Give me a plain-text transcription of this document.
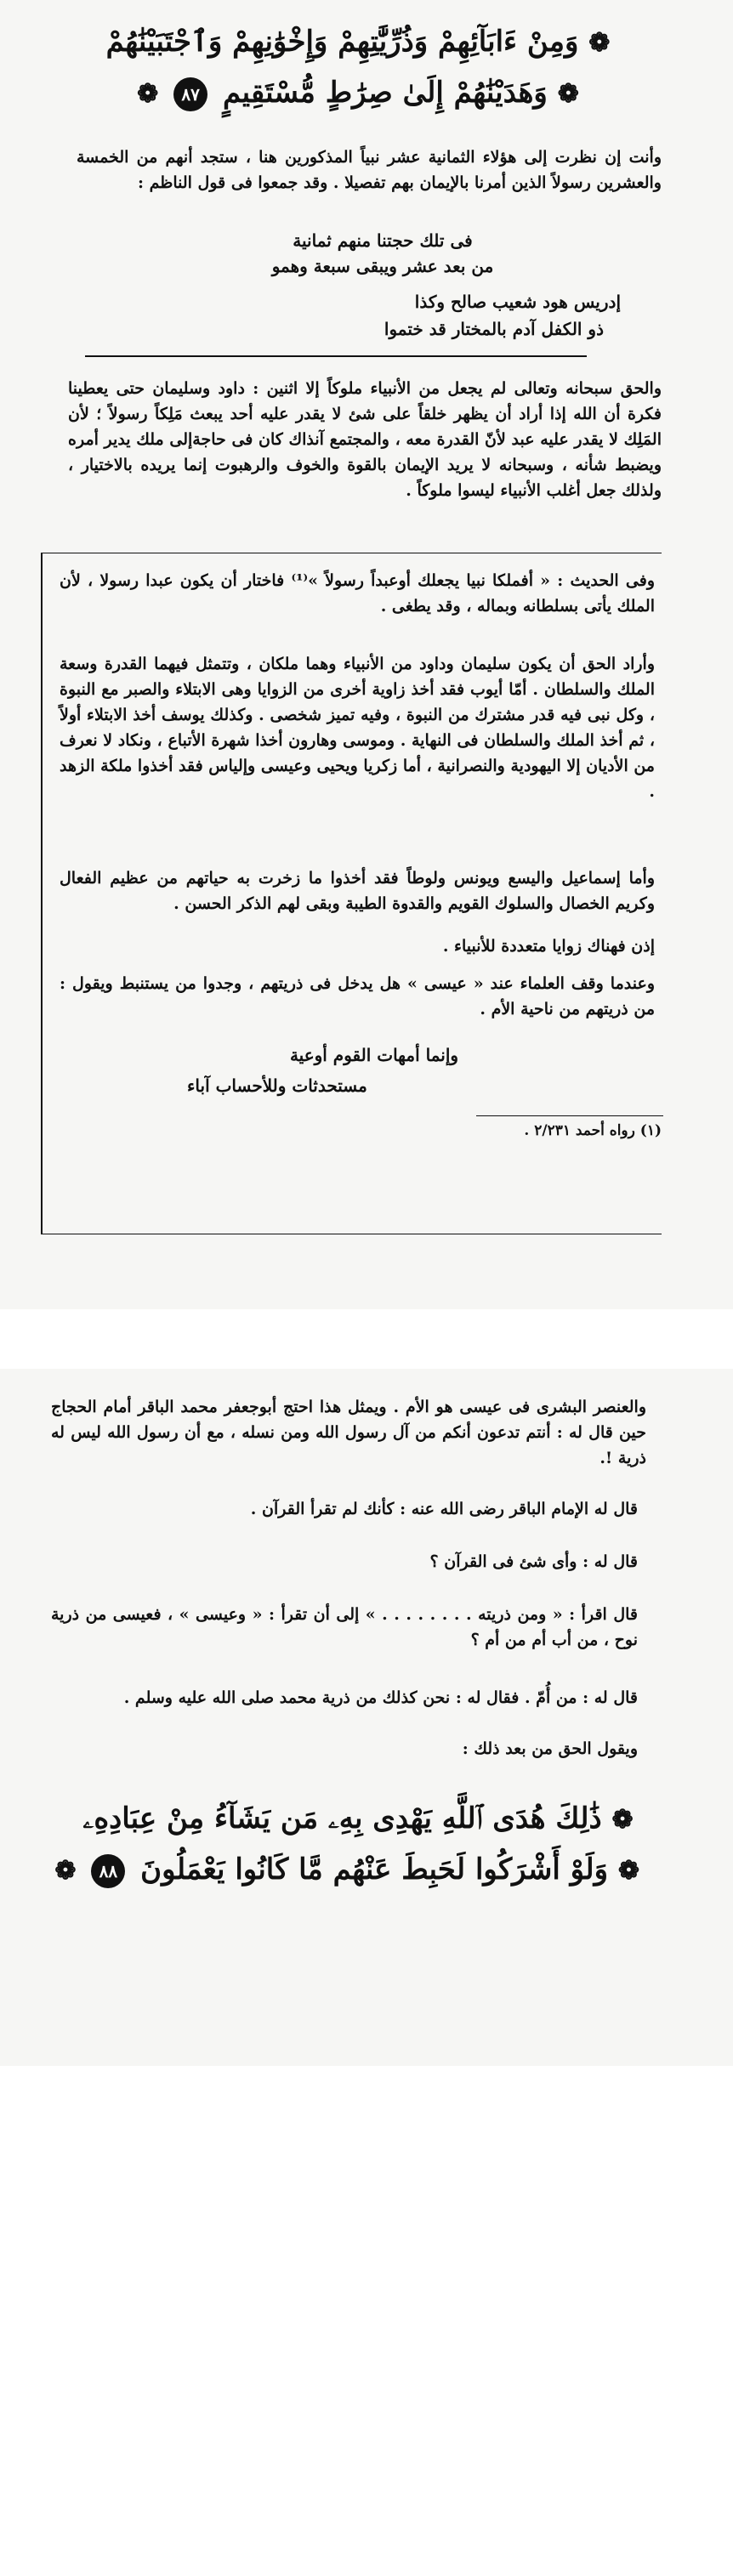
❁ وَمِنْ ءَابَآئِهِمْ وَذُرِّيَّٰتِهِمْ وَإِخْوَٰنِهِمْ وَٱجْتَبَيْنَٰهُمْ
❁ وَهَدَيْنَٰهُمْ إِلَىٰ صِرَٰطٍ مُّسْتَقِيمٍ ٨٧ ❁
وأنت إن نظرت إلى هؤلاء الثمانية عشر نبياً المذكورين هنا ، ستجد أنهم من الخمسة والعشرين رسولاً الذين أمرنا بالإيمان بهم تفصيلا . وقد جمعوا فى قول الناظم :
فى تلك حجتنا منهم ثمانية
من بعد عشر ويبقى سبعة وهمو
إدريس هود شعيب صالح وكذا
ذو الكفل آدم بالمختار قد ختموا
والحق سبحانه وتعالى لم يجعل من الأنبياء ملوكاً إلا اثنين : داود وسليمان حتى يعطينا فكرة أن الله إذا أراد أن يظهر خلقاً على شئ لا يقدر عليه أحد يبعث مَلِكاً رسولاً ؛ لأن المَلِك لا يقدر عليه عبد لأنّ القدرة معه ، والمجتمع آنذاك كان فى حاجةإلى ملك يدير أمره ويضبط شأنه ، وسبحانه لا يريد الإيمان بالقوة والخوف والرهبوت إنما يريده بالاختيار ، ولذلك جعل أغلب الأنبياء ليسوا ملوكاً .
وفى الحديث : « أفملكا نبيا يجعلك أوعبداً رسولاً »⁽¹⁾ فاختار أن يكون عبدا رسولا ، لأن الملك يأتى بسلطانه وبماله ، وقد يطغى .
وأراد الحق أن يكون سليمان وداود من الأنبياء وهما ملكان ، وتتمثل فيهما القدرة وسعة الملك والسلطان . أمّا أيوب فقد أخذ زاوية أخرى من الزوايا وهى الابتلاء والصبر مع النبوة ، وكل نبى فيه قدر مشترك من النبوة ، وفيه تميز شخصى . وكذلك يوسف أخذ الابتلاء أولاً ، ثم أخذ الملك والسلطان فى النهاية . وموسى وهارون أخذا شهرة الأتباع ، ونكاد لا نعرف من الأديان إلا اليهودية والنصرانية ، أما زكريا ويحيى وعيسى وإلياس فقد أخذوا ملكة الزهد .
وأما إسماعيل واليسع ويونس ولوطاً فقد أخذوا ما زخرت به حياتهم من عظيم الفعال وكريم الخصال والسلوك القويم والقدوة الطيبة وبقى لهم الذكر الحسن .
إذن فهناك زوايا متعددة للأنبياء .
وعندما وقف العلماء عند « عيسى » هل يدخل فى ذريتهم ، وجدوا من يستنبط ويقول : من ذريتهم من ناحية الأم .
وإنما أمهات القوم أوعية
مستحدثات وللأحساب آباء
(١) رواه أحمد ٢/٢٣١ .
والعنصر البشرى فى عيسى هو الأم . ويمثل هذا احتج أبوجعفر محمد الباقر أمام الحجاج حين قال له : أنتم تدعون أنكم من آل رسول الله ومن نسله ، مع أن رسول الله ليس له ذرية !.
قال له الإمام الباقر رضى الله عنه : كأنك لم تقرأ القرآن .
قال له : وأى شئ فى القرآن ؟
قال اقرأ : « ومن ذريته . . . . . . . . » إلى أن تقرأ : « وعيسى » ، فعيسى من ذرية نوح ، من أب أم من أم ؟
قال له : من أُمّ . فقال له : نحن كذلك من ذرية محمد صلى الله عليه وسلم .
ويقول الحق من بعد ذلك :
❁ ذَٰلِكَ هُدَى ٱللَّهِ يَهْدِى بِهِۦ مَن يَشَآءُ مِنْ عِبَادِهِۦ
❁ وَلَوْ أَشْرَكُوا لَحَبِطَ عَنْهُم مَّا كَانُوا يَعْمَلُونَ ٨٨ ❁
